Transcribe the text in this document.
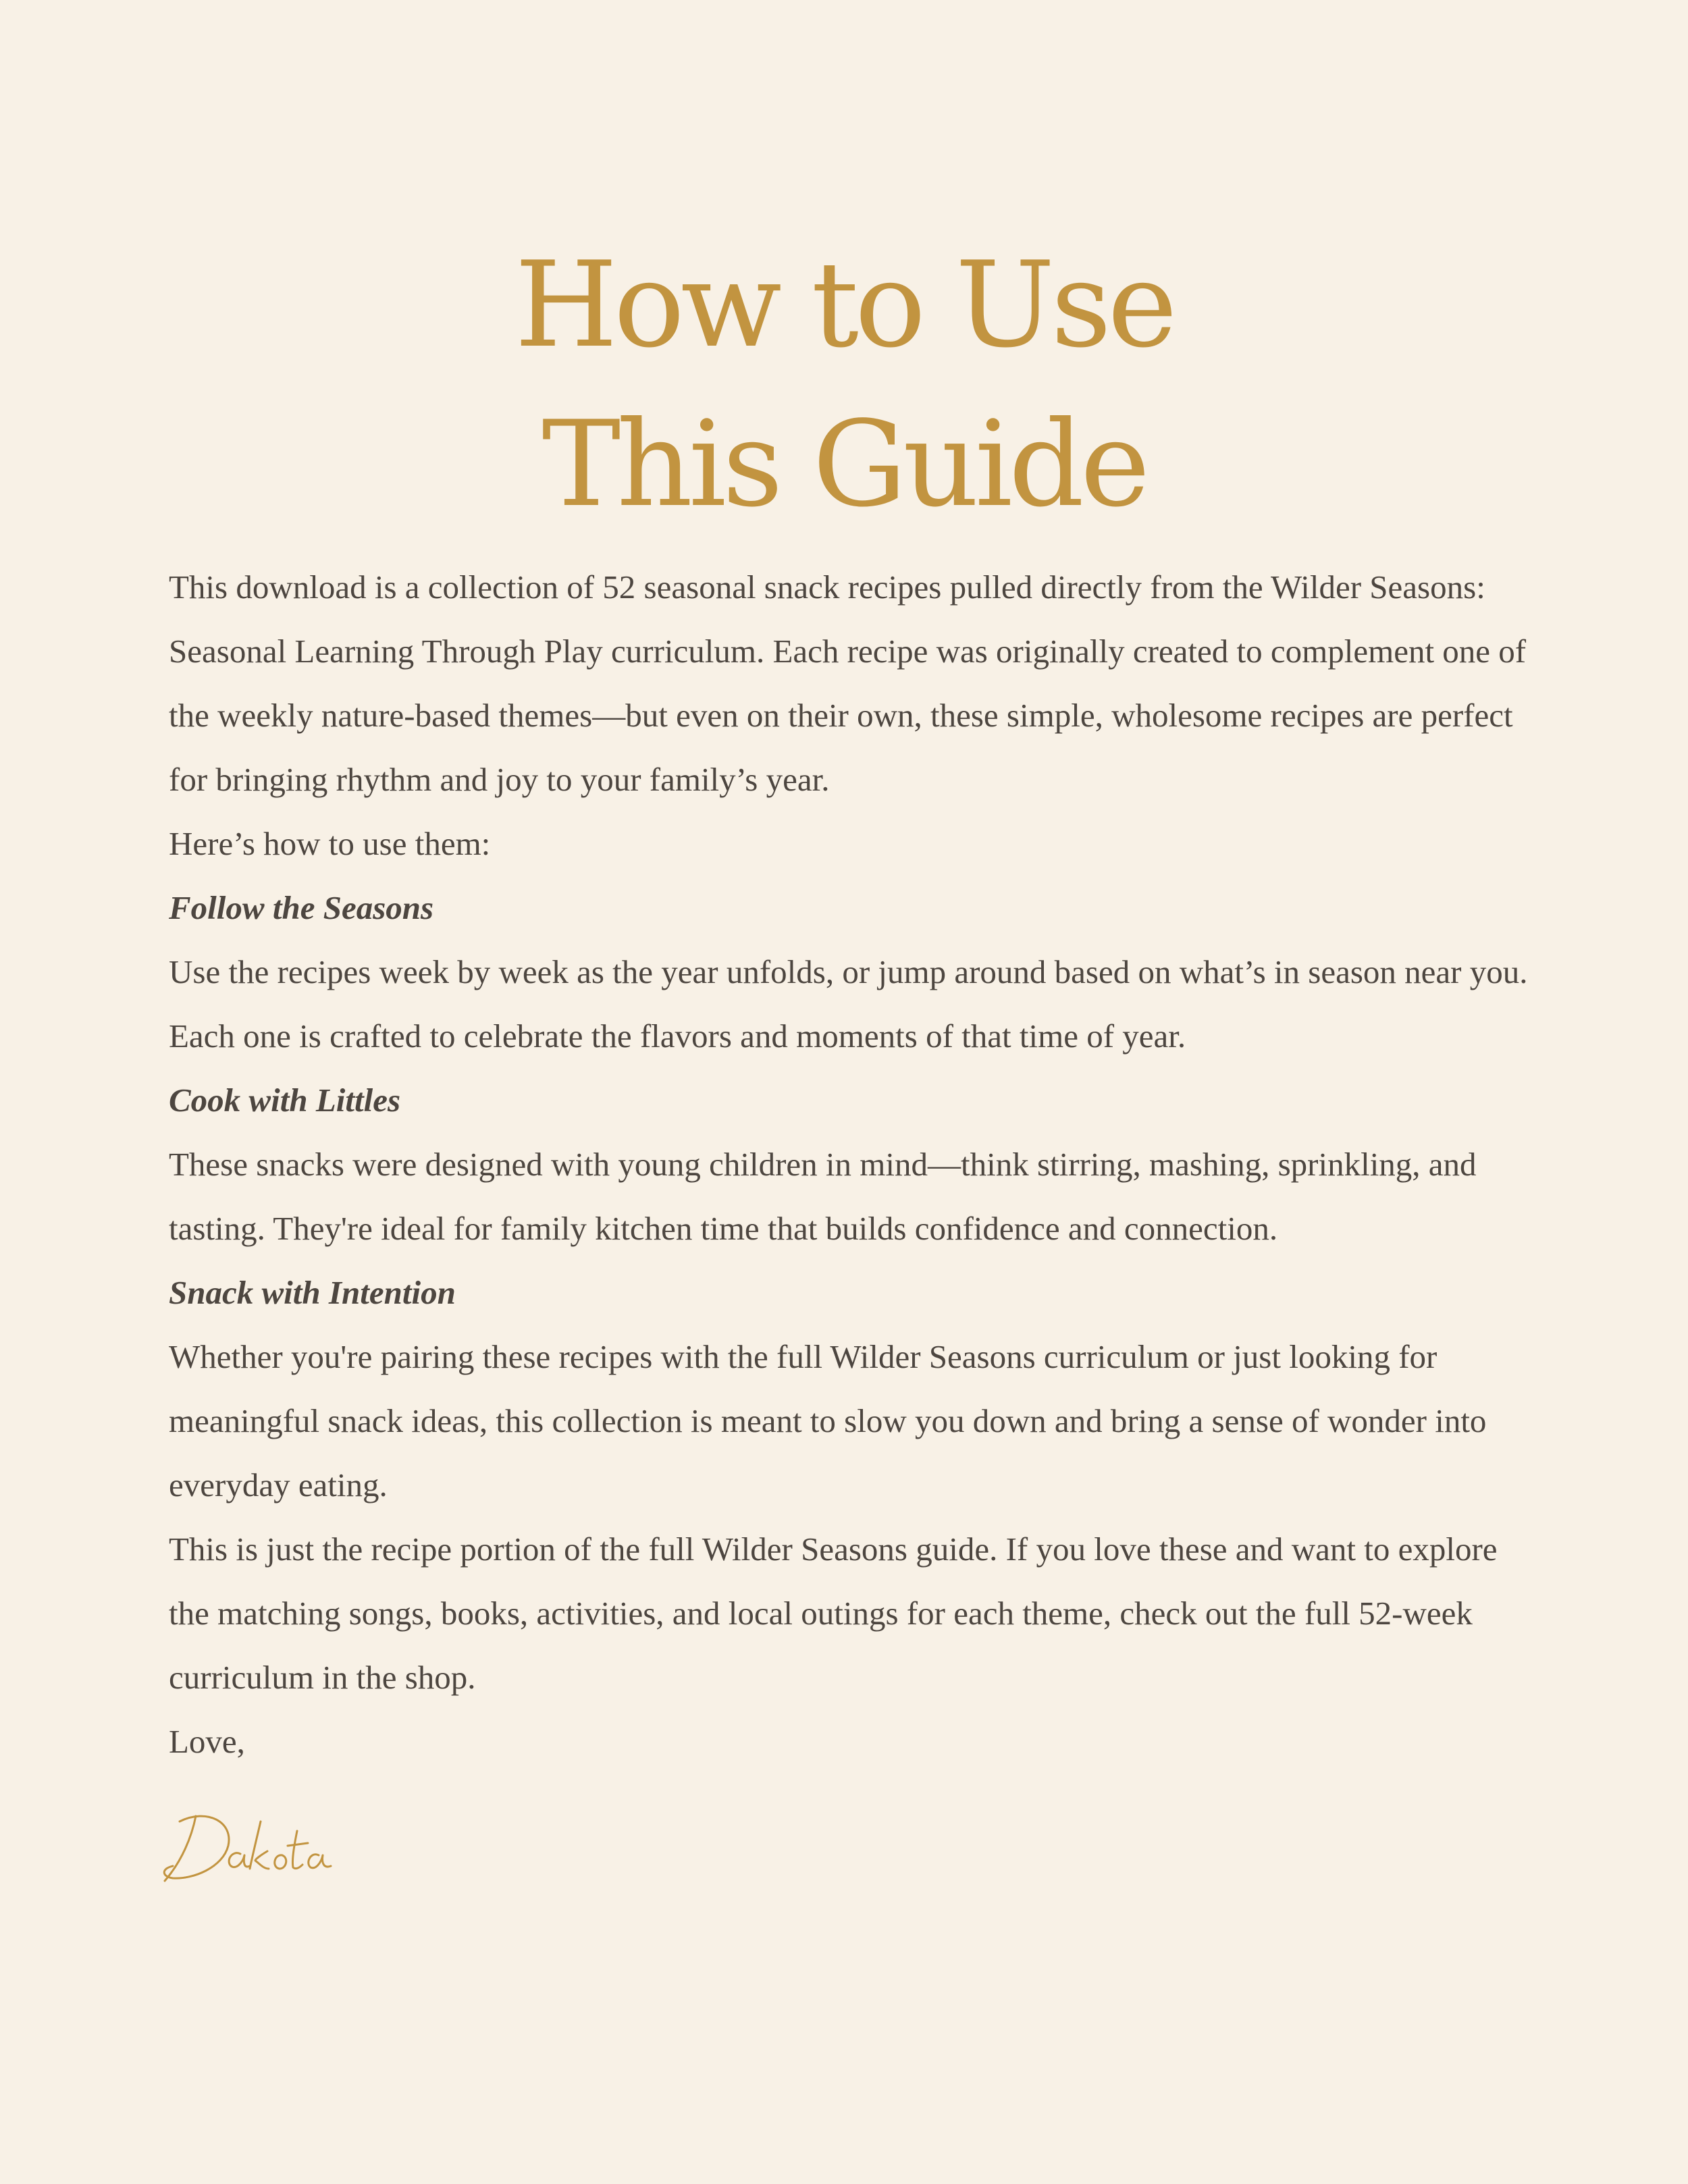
How to Use
This Guide

This download is a collection of 52 seasonal snack recipes pulled directly from the Wilder Seasons: Seasonal Learning Through Play curriculum. Each recipe was originally created to complement one of the weekly nature-based themes—but even on their own, these simple, wholesome recipes are perfect for bringing rhythm and joy to your family’s year.

Here’s how to use them:

Follow the Seasons

Use the recipes week by week as the year unfolds, or jump around based on what’s in season near you. Each one is crafted to celebrate the flavors and moments of that time of year.

Cook with Littles

These snacks were designed with young children in mind—think stirring, mashing, sprinkling, and tasting. They're ideal for family kitchen time that builds confidence and connection.

Snack with Intention

Whether you're pairing these recipes with the full Wilder Seasons curriculum or just looking for meaningful snack ideas, this collection is meant to slow you down and bring a sense of wonder into everyday eating.

This is just the recipe portion of the full Wilder Seasons guide. If you love these and want to explore the matching songs, books, activities, and local outings for each theme, check out the full 52-week curriculum in the shop.

Love,
